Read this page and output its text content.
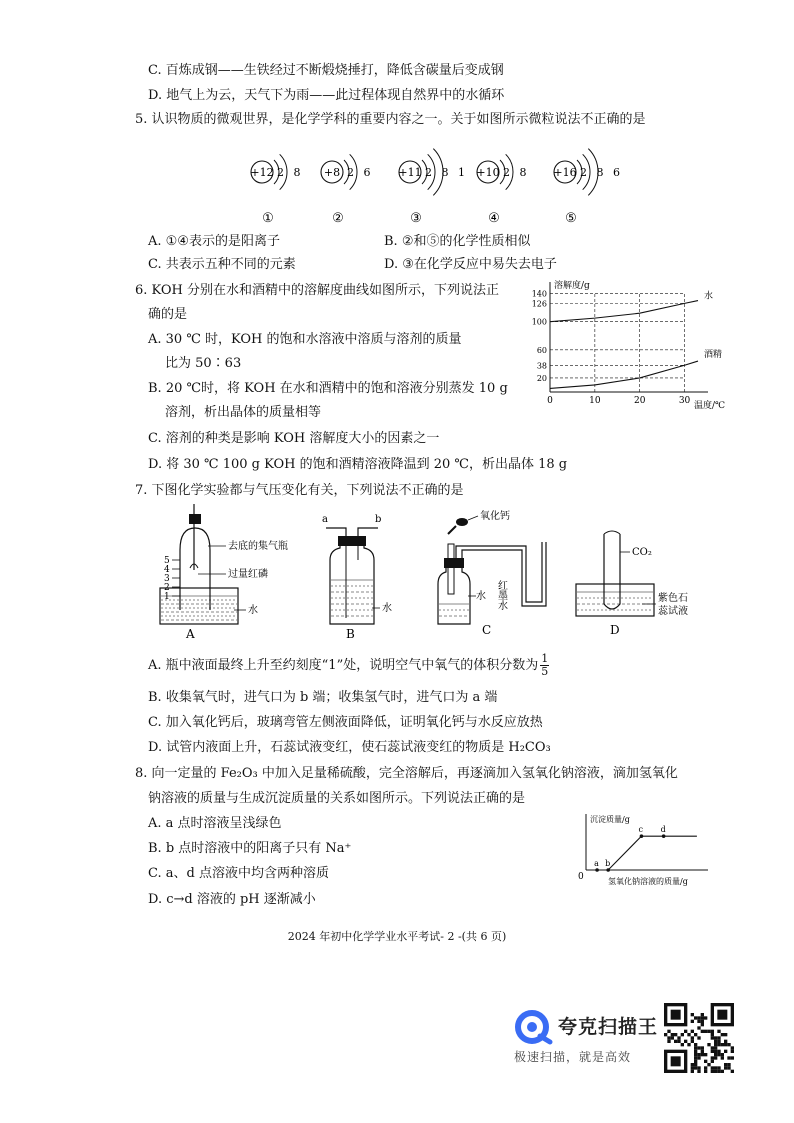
C. 百炼成钢——生铁经过不断煅烧捶打，降低含碳量后变成钢
D. 地气上为云，天气下为雨——此过程体现自然界中的水循环
5. 认识物质的微观世界，是化学学科的重要内容之一。关于如图所示微粒说法不正确的是
+12 2 8
①
+8 2 6
②
+11 2 8 1
③
+10 2 8
④
+16 2 8 6
⑤
A. ①④表示的是阳离子	B. ②和⑤的化学性质相似
C. 共表示五种不同的元素	D. ③在化学反应中易失去电子
6. KOH 分别在水和酒精中的溶解度曲线如图所示，下列说法正
确的是
A. 30 ℃ 时，KOH 的饱和水溶液中溶质与溶剂的质量
比为 50∶63
B. 20 ℃时，将 KOH 在水和酒精中的饱和溶液分别蒸发 10 g
溶剂，析出晶体的质量相等
C. 溶剂的种类是影响 KOH 溶解度大小的因素之一
D. 将 30 ℃ 100 g KOH 的饱和酒精溶液降温到 20 ℃，析出晶体 18 g
溶解度/g
温度/℃
20
38
60
100
126
140
0	10	20	30
水
酒精
7. 下图化学实验都与气压变化有关，下列说法不正确的是
5
4
3
2
1
去底的集气瓶
过量红磷
水
A
a	b
水
B
氧化钙
水 红墨水
C
CO₂
紫色石
蕊试液
D
A. 瓶中液面最终上升至约刻度“1”处，说明空气中氧气的体积分数为 $\frac{1}{5}$
B. 收集氧气时，进气口为 b 端；收集氢气时，进气口为 a 端
C. 加入氧化钙后，玻璃弯管左侧液面降低，证明氧化钙与水反应放热
D. 试管内液面上升，石蕊试液变红，使石蕊试液变红的物质是 H₂CO₃
8. 向一定量的 Fe₂O₃ 中加入足量稀硫酸，完全溶解后，再逐滴加入氢氧化钠溶液，滴加氢氧化
钠溶液的质量与生成沉淀质量的关系如图所示。下列说法正确的是
A. a 点时溶液呈浅绿色
B. b 点时溶液中的阳离子只有 Na⁺
C. a、d 点溶液中均含两种溶质
D. c→d 溶液的 pH 逐渐减小
沉淀质量/g
氢氧化钠溶液的质量/g
0
a b
c d
2024 年初中化学学业水平考试- 2 -(共 6 页)
夸克扫描王
极速扫描，就是高效
